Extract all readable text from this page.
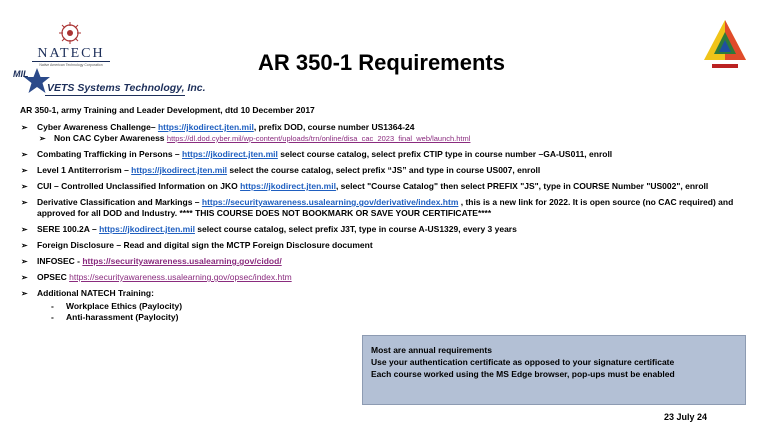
NATECH
Native American Technology Corporation
MIL
VETS Systems Technology, Inc.
AR 350-1 Requirements
AR 350-1, army Training and Leader Development, dtd 10 December 2017
➢ Cyber Awareness Challenge– https://jkodirect.jten.mil, prefix DOD, course number US1364-24
➢ Non CAC Cyber Awareness https://dl.dod.cyber.mil/wp-content/uploads/trn/online/disa_cac_2023_final_web/launch.html
➢ Combating Trafficking in Persons – https://jkodirect.jten.mil select course catalog, select prefix CTIP type in course number –GA-US011, enroll
➢ Level 1 Antiterrorism – https://jkodirect.jten.mil select the course catalog, select prefix “JS” and type in course US007, enroll
➢ CUI – Controlled Unclassified Information on JKO https://jkodirect.jten.mil, select "Course Catalog" then select PREFIX "JS", type in COURSE Number "US002", enroll
➢ Derivative Classification and Markings – https://securityawareness.usalearning.gov/derivative/index.htm , this is a new link for 2022. It is open source (no CAC required) and approved for all DOD and Industry. **** THIS COURSE DOES NOT BOOKMARK OR SAVE YOUR CERTIFICATE****
➢ SERE 100.2A – https://jkodirect.jten.mil select course catalog, select prefix J3T, type in course A-US1329, every 3 years
➢ Foreign Disclosure – Read and digital sign the MCTP Foreign Disclosure document
➢ INFOSEC - https://securityawareness.usalearning.gov/cidod/
➢ OPSEC https://securityawareness.usalearning.gov/opsec/index.htm
➢ Additional NATECH Training:
- Workplace Ethics (Paylocity)
- Anti-harassment (Paylocity)
Most are annual requirements
Use your authentication certificate as opposed to your signature certificate
Each course worked using the MS Edge browser, pop-ups must be enabled
23 July 24
